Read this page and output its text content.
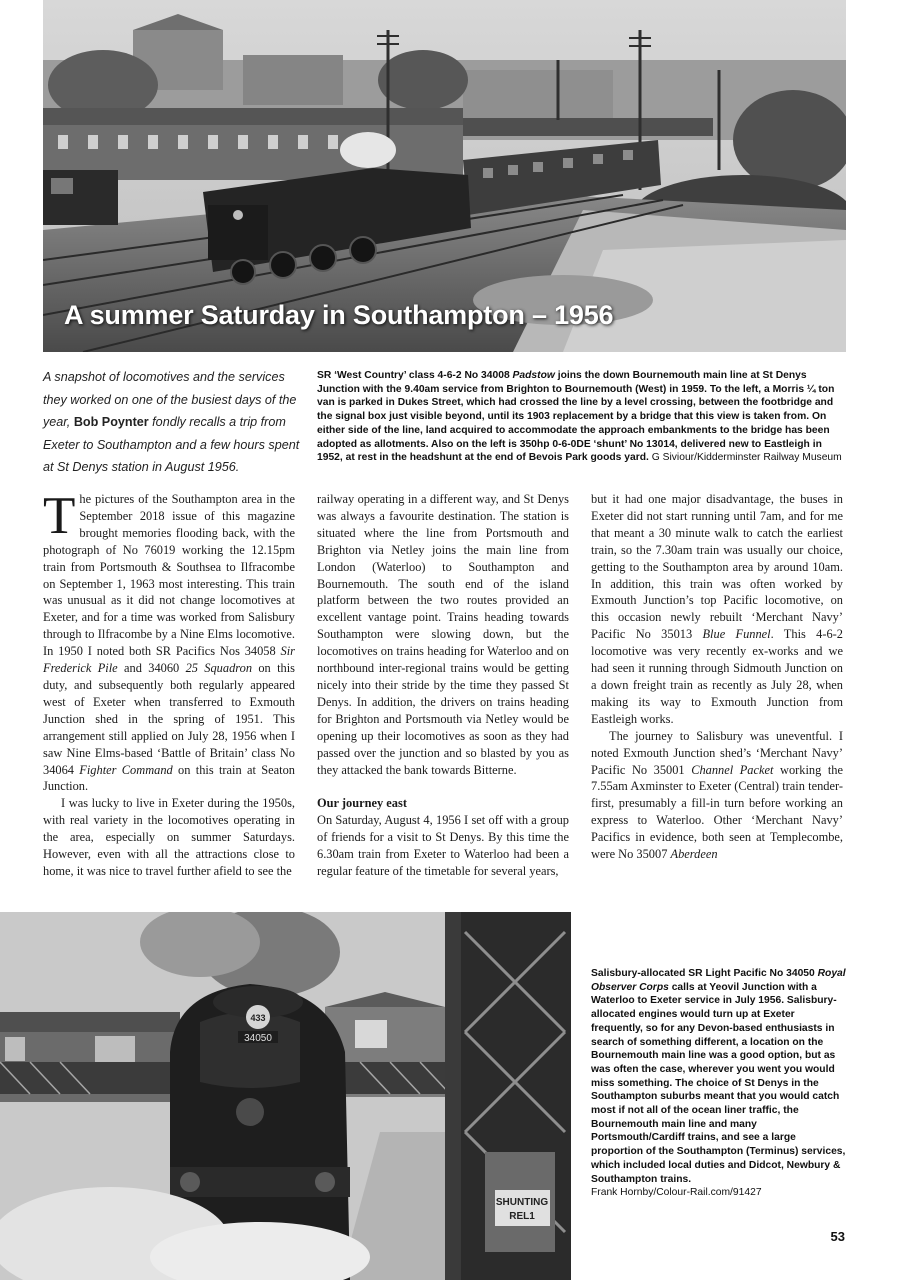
A summer Saturday in Southampton – 1956
A snapshot of locomotives and the services they worked on one of the busiest days of the year, Bob Poynter fondly recalls a trip from Exeter to Southampton and a few hours spent at St Denys station in August 1956.
SR ‘West Country’ class 4-6-2 No 34008 Padstow joins the down Bournemouth main line at St Denys Junction with the 9.40am service from Brighton to Bournemouth (West) in 1959. To the left, a Morris ¼ ton van is parked in Dukes Street, which had crossed the line by a level crossing, between the footbridge and the signal box just visible beyond, until its 1903 replacement by a bridge that this view is taken from. On either side of the line, land acquired to accommodate the approach embankments to the bridge has been adopted as allotments. Also on the left is 350hp 0-6-0DE ‘shunt’ No 13014, delivered new to Eastleigh in 1952, at rest in the headshunt at the end of Bevois Park goods yard. G Siviour/Kidderminster Railway Museum

The pictures of the Southampton area in the September 2018 issue of this magazine brought memories flooding back, with the photograph of No 76019 working the 12.15pm train from Portsmouth & Southsea to Ilfracombe on September 1, 1963 most interesting. This train was unusual as it did not change locomotives at Exeter, and for a time was worked from Salisbury through to Ilfracombe by a Nine Elms locomotive. In 1950 I noted both SR Pacifics Nos 34058 Sir Frederick Pile and 34060 25 Squadron on this duty, and subsequently both regularly appeared west of Exeter when transferred to Exmouth Junction shed in the spring of 1951. This arrangement still applied on July 28, 1956 when I saw Nine Elms-based ‘Battle of Britain’ class No 34064 Fighter Command on this train at Seaton Junction.

I was lucky to live in Exeter during the 1950s, with real variety in the locomotives operating in the area, especially on summer Saturdays. However, even with all the attractions close to home, it was nice to travel further afield to see the

railway operating in a different way, and St Denys was always a favourite destination. The station is situated where the line from Portsmouth and Brighton via Netley joins the main line from London (Waterloo) to Southampton and Bournemouth. The south end of the island platform between the two routes provided an excellent vantage point. Trains heading towards Southampton were slowing down, but the locomotives on trains heading for Waterloo and on northbound inter-regional trains would be getting nicely into their stride by the time they passed St Denys. In addition, the drivers on trains heading for Brighton and Portsmouth via Netley would be opening up their locomotives as soon as they had passed over the junction and so blasted by you as they attacked the bank towards Bitterne.

Our journey east

On Saturday, August 4, 1956 I set off with a group of friends for a visit to St Denys. By this time the 6.30am train from Exeter to Waterloo had been a regular feature of the timetable for several years,

but it had one major disadvantage, the buses in Exeter did not start running until 7am, and for me that meant a 30 minute walk to catch the earliest train, so the 7.30am train was usually our choice, getting to the Southampton area by around 10am. In addition, this train was often worked by Exmouth Junction’s top Pacific locomotive, on this occasion newly rebuilt ‘Merchant Navy’ Pacific No 35013 Blue Funnel. This 4-6-2 locomotive was very recently ex-works and we had seen it running through Sidmouth Junction on a down freight train as recently as July 28, when making its way to Exmouth Junction from Eastleigh works.

The journey to Salisbury was uneventful. I noted Exmouth Junction shed’s ‘Merchant Navy’ Pacific No 35001 Channel Packet working the 7.55am Axminster to Exeter (Central) train tender-first, presumably a fill-in turn before working an express to Waterloo. Other ‘Merchant Navy’ Pacifics in evidence, both seen at Templecombe, were No 35007 Aberdeen

433
34050
SHUNTING
REL1
Salisbury-allocated SR Light Pacific No 34050 Royal Observer Corps calls at Yeovil Junction with a Waterloo to Exeter service in July 1956. Salisbury-allocated engines would turn up at Exeter frequently, so for any Devon-based enthusiasts in search of something different, a location on the Bournemouth main line was a good option, but as was often the case, wherever you went you would miss something. The choice of St Denys in the Southampton suburbs meant that you would catch most if not all of the ocean liner traffic, the Bournemouth main line and many Portsmouth/Cardiff trains, and see a large proportion of the Southampton (Terminus) services, which included local duties and Didcot, Newbury & Southampton trains.
Frank Hornby/Colour-Rail.com/91427
53
